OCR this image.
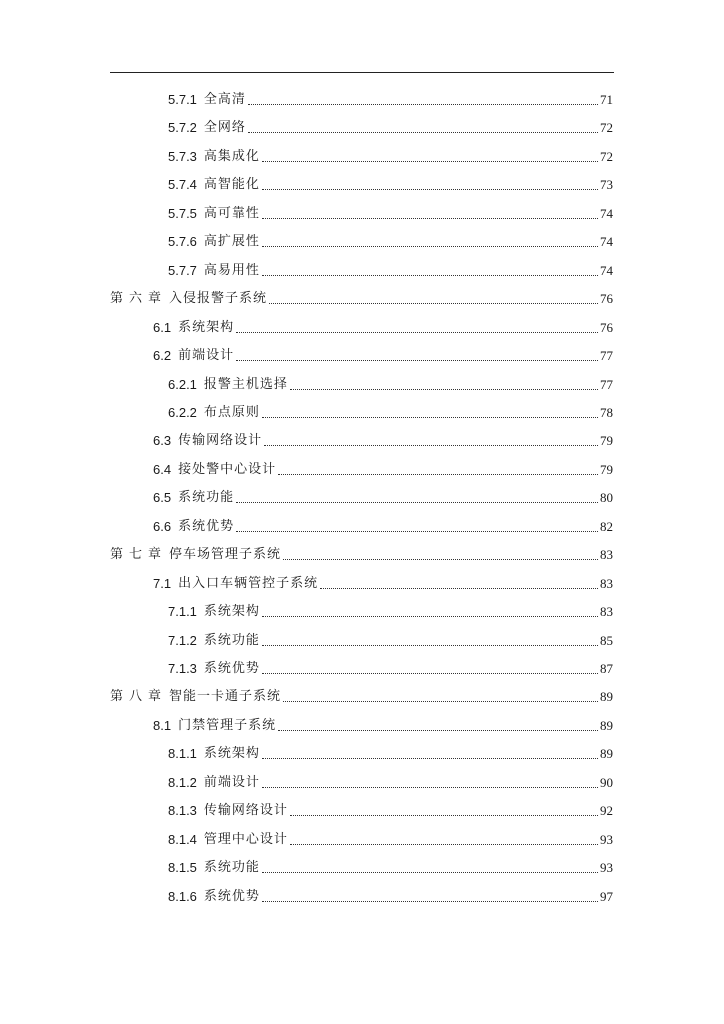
5.7.1 全高清	71
5.7.2 全网络	72
5.7.3 高集成化	72
5.7.4 高智能化	73
5.7.5 高可靠性	74
5.7.6 高扩展性	74
5.7.7 高易用性	74
第六章 入侵报警子系统	76
6.1 系统架构	76
6.2 前端设计	77
6.2.1 报警主机选择	77
6.2.2 布点原则	78
6.3 传输网络设计	79
6.4 接处警中心设计	79
6.5 系统功能	80
6.6 系统优势	82
第七章 停车场管理子系统	83
7.1 出入口车辆管控子系统	83
7.1.1 系统架构	83
7.1.2 系统功能	85
7.1.3 系统优势	87
第八章 智能一卡通子系统	89
8.1 门禁管理子系统	89
8.1.1 系统架构	89
8.1.2 前端设计	90
8.1.3 传输网络设计	92
8.1.4 管理中心设计	93
8.1.5 系统功能	93
8.1.6 系统优势	97
